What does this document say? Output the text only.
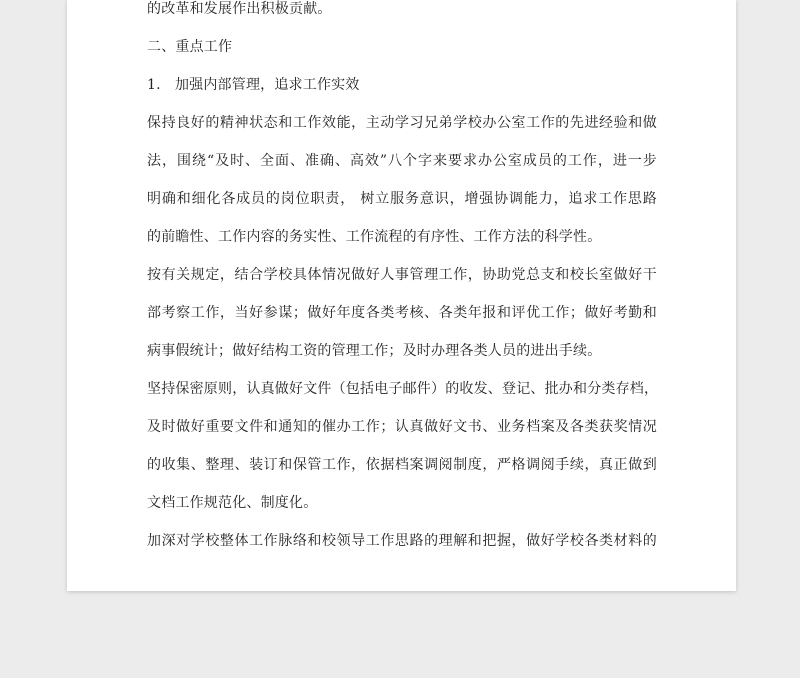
的改革和发展作出积极贡献。
二、重点工作
1.　加强内部管理，追求工作实效
保持良好的精神状态和工作效能，主动学习兄弟学校办公室工作的先进经验和做
法，围绕“及时、全面、准确、高效”八个字来要求办公室成员的工作，进一步
明确和细化各成员的岗位职责， 树立服务意识，增强协调能力，追求工作思路
的前瞻性、工作内容的务实性、工作流程的有序性、工作方法的科学性。
按有关规定，结合学校具体情况做好人事管理工作，协助党总支和校长室做好干
部考察工作，当好参谋；做好年度各类考核、各类年报和评优工作；做好考勤和
病事假统计；做好结构工资的管理工作；及时办理各类人员的进出手续。
坚持保密原则，认真做好文件（包括电子邮件）的收发、登记、批办和分类存档，
及时做好重要文件和通知的催办工作；认真做好文书、业务档案及各类获奖情况
的收集、整理、装订和保管工作，依据档案调阅制度，严格调阅手续，真正做到
文档工作规范化、制度化。
加深对学校整体工作脉络和校领导工作思路的理解和把握，做好学校各类材料的
